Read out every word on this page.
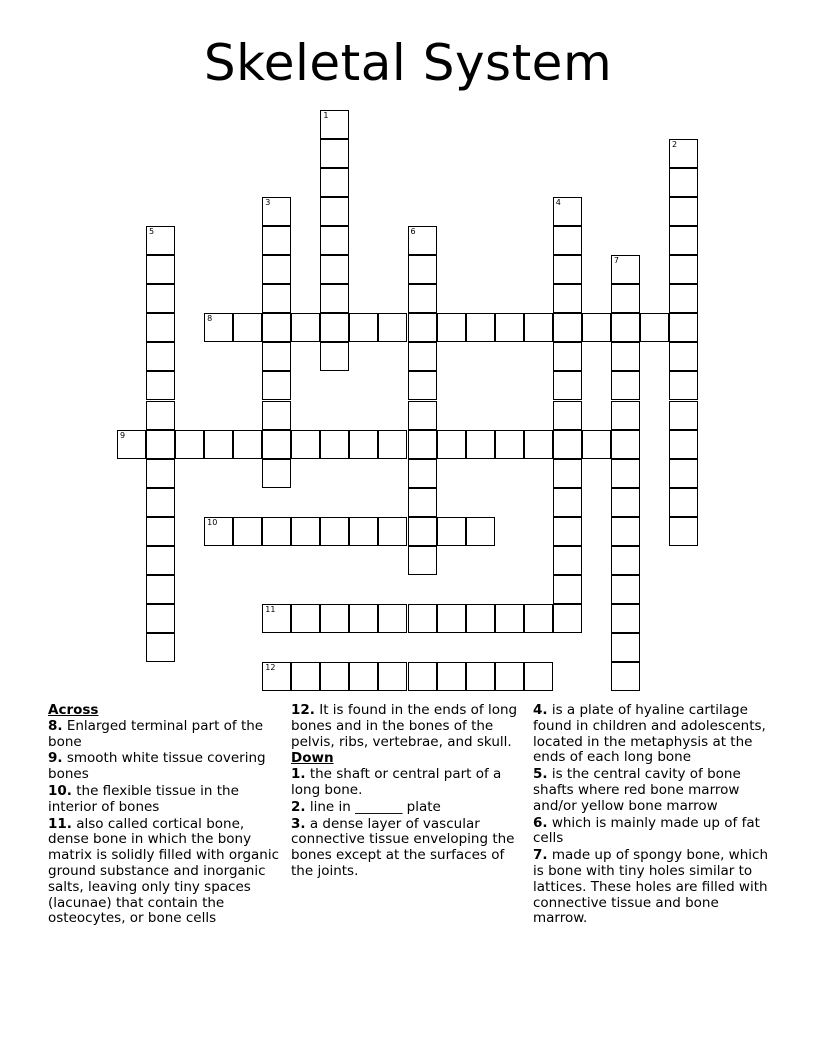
Skeletal System
1
2
3	4
5	6
7
8
9
10
11
12
Across
8. Enlarged terminal part of the bone
9. smooth white tissue covering bones
10. the flexible tissue in the interior of bones
11. also called cortical bone, dense bone in which the bony matrix is solidly filled with organic ground substance and inorganic salts, leaving only tiny spaces (lacunae) that contain the osteocytes, or bone cells
12. It is found in the ends of long bones and in the bones of the pelvis, ribs, vertebrae, and skull.
Down
1. the shaft or central part of a long bone.
2. line in _______ plate
3. a dense layer of vascular connective tissue enveloping the bones except at the surfaces of the joints.
4. is a plate of hyaline cartilage found in children and adolescents, located in the metaphysis at the ends of each long bone
5. is the central cavity of bone shafts where red bone marrow and/or yellow bone marrow
6. which is mainly made up of fat cells
7. made up of spongy bone, which is bone with tiny holes similar to lattices. These holes are filled with connective tissue and bone marrow.
